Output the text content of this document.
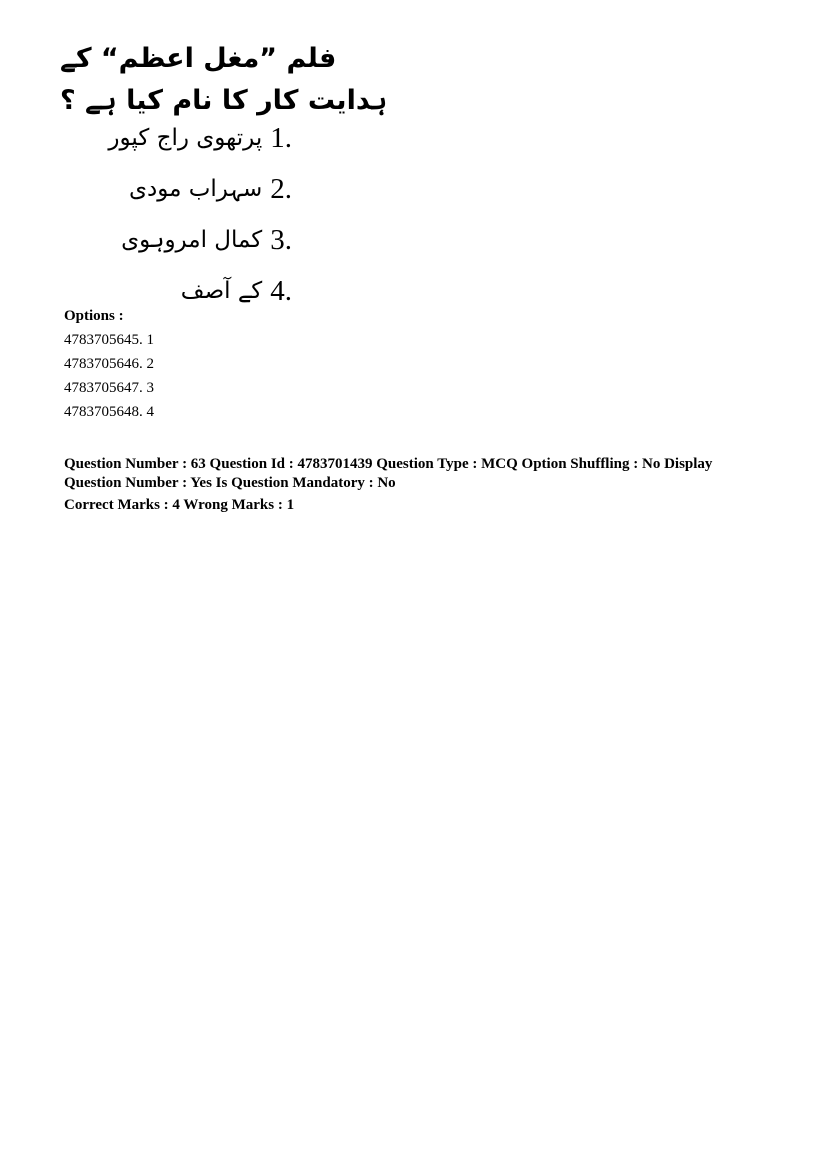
فلم ”مغل اعظم“ کے ہدایت کار کا نام کیا ہے ؟
پرتھوی راج کپور 1.
سہراب مودی 2.
کمال امروہوی 3.
کے آصف 4.
Options :
4783705645. 1
4783705646. 2
4783705647. 3
4783705648. 4
Question Number : 63 Question Id : 4783701439 Question Type : MCQ Option Shuffling : No Display
Question Number : Yes Is Question Mandatory : No
Correct Marks : 4 Wrong Marks : 1
